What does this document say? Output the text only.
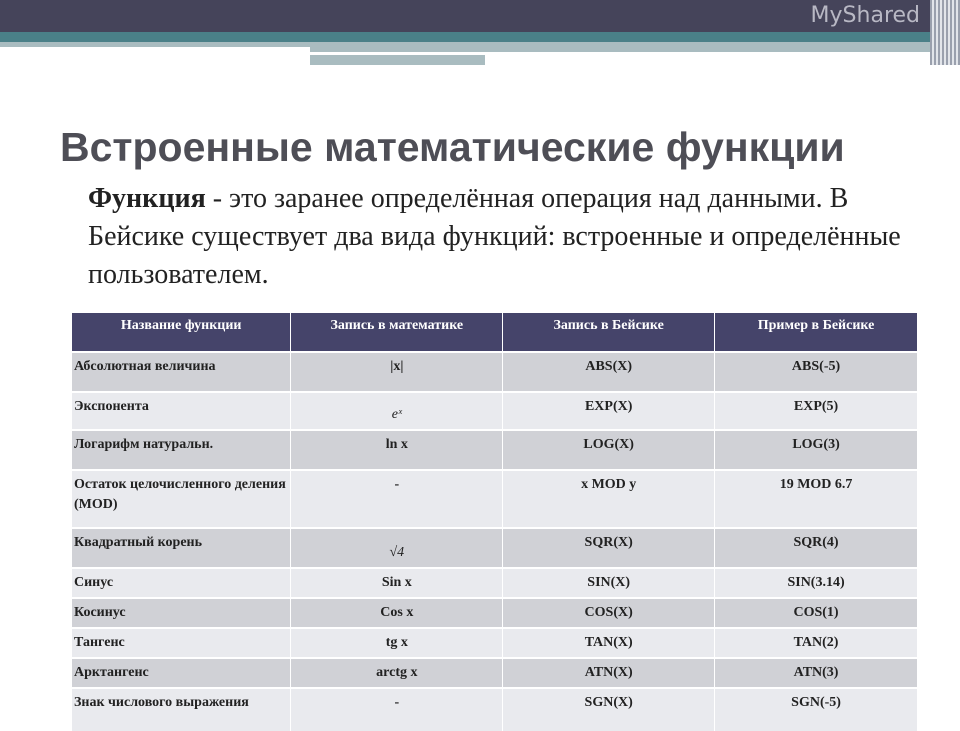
Встроенные математические функции
Функция - это заранее определённая операция над данными. В Бейсике существует два вида функций: встроенные и определённые пользователем.
Название функции	Запись в математике	Запись в Бейсике	Пример в Бейсике
Абсолютная величина	|x|	ABS(X)	ABS(-5)
Экспонента	eˣ	EXP(X)	EXP(5)
Логарифм натуральн.	ln x	LOG(X)	LOG(3)
Остаток целочисленного деления (MOD)	-	x MOD y	19 MOD 6.7
Квадратный корень	√4	SQR(X)	SQR(4)
Синус	Sin x	SIN(X)	SIN(3.14)
Косинус	Cos x	COS(X)	COS(1)
Тангенс	tg x	TAN(X)	TAN(2)
Арктангенс	arctg x	ATN(X)	ATN(3)
Знак числового выражения	-	SGN(X)	SGN(-5)
MyShared
